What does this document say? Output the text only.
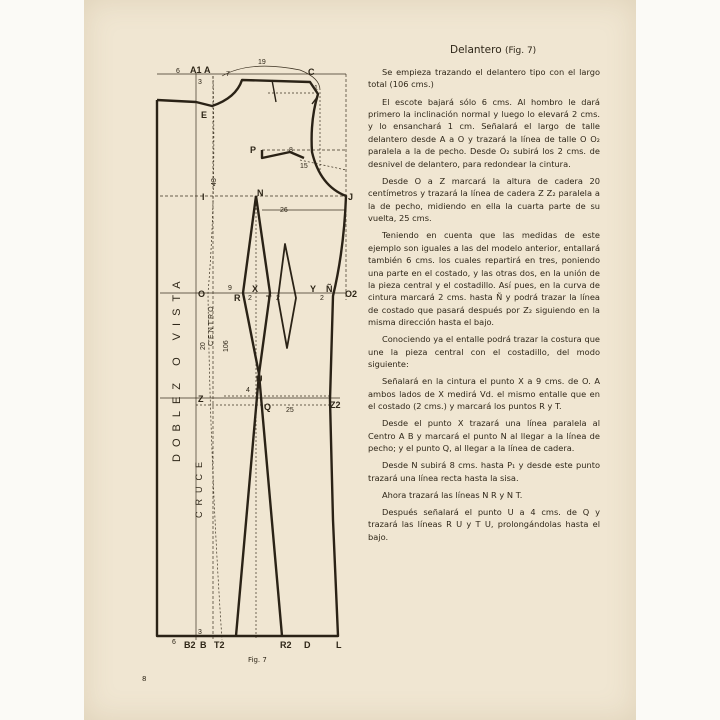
A1 A	C
E
P
N	J
I
O	R
X
T
Y Ñ O2
U
Z
Q	Z2
B2 B T2	R2 D	L
6
19
7
3
1
8
15
26
43
9
2	2	2
20 106
4
25
6
3
DOBLEZ O VISTA
CRUCE
CENTRO
Delantero (Fig. 7)

Se empieza trazando el delantero tipo con el largo total (106 cms.)

El escote bajará sólo 6 cms. Al hombro le dará primero la inclinación normal y luego lo elevará 2 cms. y lo ensanchará 1 cm. Señalará el largo de talle delantero desde A a O y trazará la línea de talle O O₂ paralela a la de pecho. Desde O₂ subirá los 2 cms. de desnivel de delantero, para redondear la cintura.

Desde O a Z marcará la altura de cadera 20 centímetros y trazará la línea de cadera Z Z₂ paralela a la de pecho, midiendo en ella la cuarta parte de su vuelta, 25 cms.

Teniendo en cuenta que las medidas de este ejemplo son iguales a las del modelo anterior, entallará también 6 cms. los cuales repartirá en tres, poniendo una parte en el costado, y las otras dos, en la unión de la pieza central y el costadillo. Así pues, en la curva de cintura marcará 2 cms. hasta Ñ y podrá trazar la línea de costado que pasará después por Z₂ siguiendo en la misma dirección hasta el bajo.

Conociendo ya el entalle podrá trazar la costura que une la pieza central con el costadillo, del modo siguiente:

Señalará en la cintura el punto X a 9 cms. de O. A ambos lados de X medirá Vd. el mismo entalle que en el costado (2 cms.) y marcará los puntos R y T.

Desde el punto X trazará una línea paralela al Centro A B y marcará el punto N al llegar a la línea de pecho; y el punto Q, al llegar a la línea de cadera.

Desde N subirá 8 cms. hasta P₁ y desde este punto trazará una línea recta hasta la sisa.

Ahora trazará las líneas N R y N T.

Después señalará el punto U a 4 cms. de Q y trazará las líneas R U y T U, prolongándolas hasta el bajo.

Fig. 7
8
